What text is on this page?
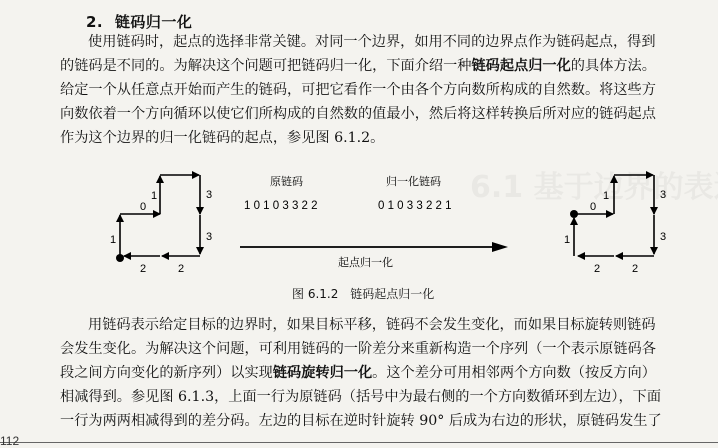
2. 链码归一化
使用链码时，起点的选择非常关键。对同一个边界，如用不同的边界点作为链码起点，得到
的链码是不同的。为解决这个问题可把链码归一化，下面介绍一种链码起点归一化的具体方法。
给定一个从任意点开始而产生的链码，可把它看作一个由各个方向数所构成的自然数。将这些方
向数依着一个方向循环以使它们所构成的自然数的值最小，然后将这样转换后所对应的链码起点
作为这个边界的归一化链码的起点，参见图 6.1.2。
0
1	3
1	3
2
2
0
1	3
3
2
2
1
原链码	归一化链码
1 0 1 0 3 3 2 2	0 1 0 3 3 2 2 1
起点归一化
图 6.1.2 链码起点归一化
用链码表示给定目标的边界时，如果目标平移，链码不会发生变化，而如果目标旋转则链码
会发生变化。为解决这个问题，可利用链码的一阶差分来重新构造一个序列（一个表示原链码各
段之间方向变化的新序列）以实现链码旋转归一化。这个差分可用相邻两个方向数（按反方向）
相减得到。参见图 6.1.3，上面一行为原链码（括号中为最右侧的一个方向数循环到左边），下面
一行为两两相减得到的差分码。左边的目标在逆时针旋转 90° 后成为右边的形状，原链码发生了
112
